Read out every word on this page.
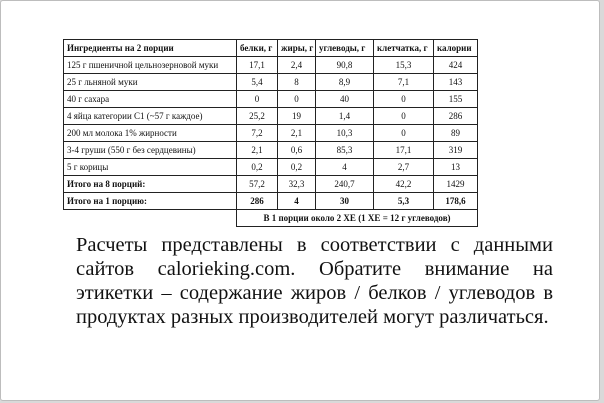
Ингредиенты на 2 порции	белки, г	жиры, г	углеводы, г	клетчатка, г	калории
125 г пшеничной цельнозерновой муки	17,1	2,4	90,8	15,3	424
25 г льняной муки	5,4	8	8,9	7,1	143
40 г сахара	0	0	40	0	155
4 яйца категории С1 (~57 г каждое)	25,2	19	1,4	0	286
200 мл молока 1% жирности	7,2	2,1	10,3	0	89
3-4 груши (550 г без сердцевины)	2,1	0,6	85,3	17,1	319
5 г корицы	0,2	0,2	4	2,7	13
Итого на 8 порций:	57,2	32,3	240,7	42,2	1429
Итого на 1 порцию:	286	4	30	5,3	178,6
	В 1 порции около 2 ХЕ (1 ХЕ = 12 г углеводов)				
Расчеты представлены в соответствии с данными сайтов calorieking.com. Обратите внимание на этикетки – содержание жиров / белков / углеводов в продуктах разных производителей могут различаться.
